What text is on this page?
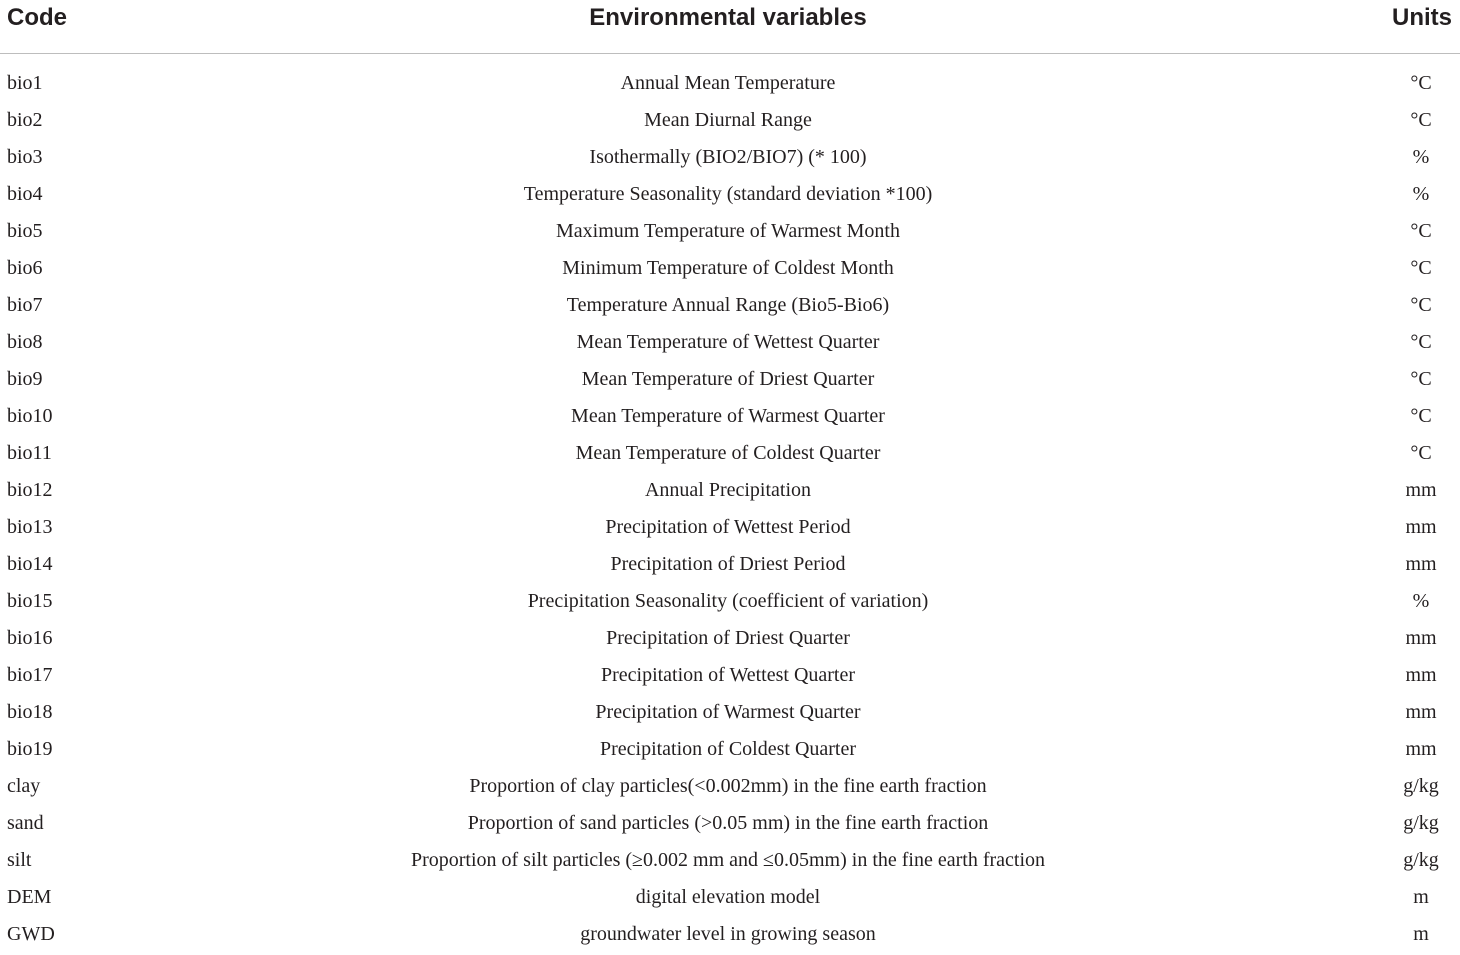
Code	Environmental variables	Units
bio1	Annual Mean Temperature	°C
bio2	Mean Diurnal Range	°C
bio3	Isothermally (BIO2/BIO7) (* 100)	%
bio4	Temperature Seasonality (standard deviation *100)	%
bio5	Maximum Temperature of Warmest Month	°C
bio6	Minimum Temperature of Coldest Month	°C
bio7	Temperature Annual Range (Bio5-Bio6)	°C
bio8	Mean Temperature of Wettest Quarter	°C
bio9	Mean Temperature of Driest Quarter	°C
bio10	Mean Temperature of Warmest Quarter	°C
bio11	Mean Temperature of Coldest Quarter	°C
bio12	Annual Precipitation	mm
bio13	Precipitation of Wettest Period	mm
bio14	Precipitation of Driest Period	mm
bio15	Precipitation Seasonality (coefficient of variation)	%
bio16	Precipitation of Driest Quarter	mm
bio17	Precipitation of Wettest Quarter	mm
bio18	Precipitation of Warmest Quarter	mm
bio19	Precipitation of Coldest Quarter	mm
clay	Proportion of clay particles(<0.002mm) in the fine earth fraction	g/kg
sand	Proportion of sand particles (>0.05 mm) in the fine earth fraction	g/kg
silt	Proportion of silt particles (≥0.002 mm and ≤0.05mm) in the fine earth fraction	g/kg
DEM	digital elevation model	m
GWD	groundwater level in growing season	m
